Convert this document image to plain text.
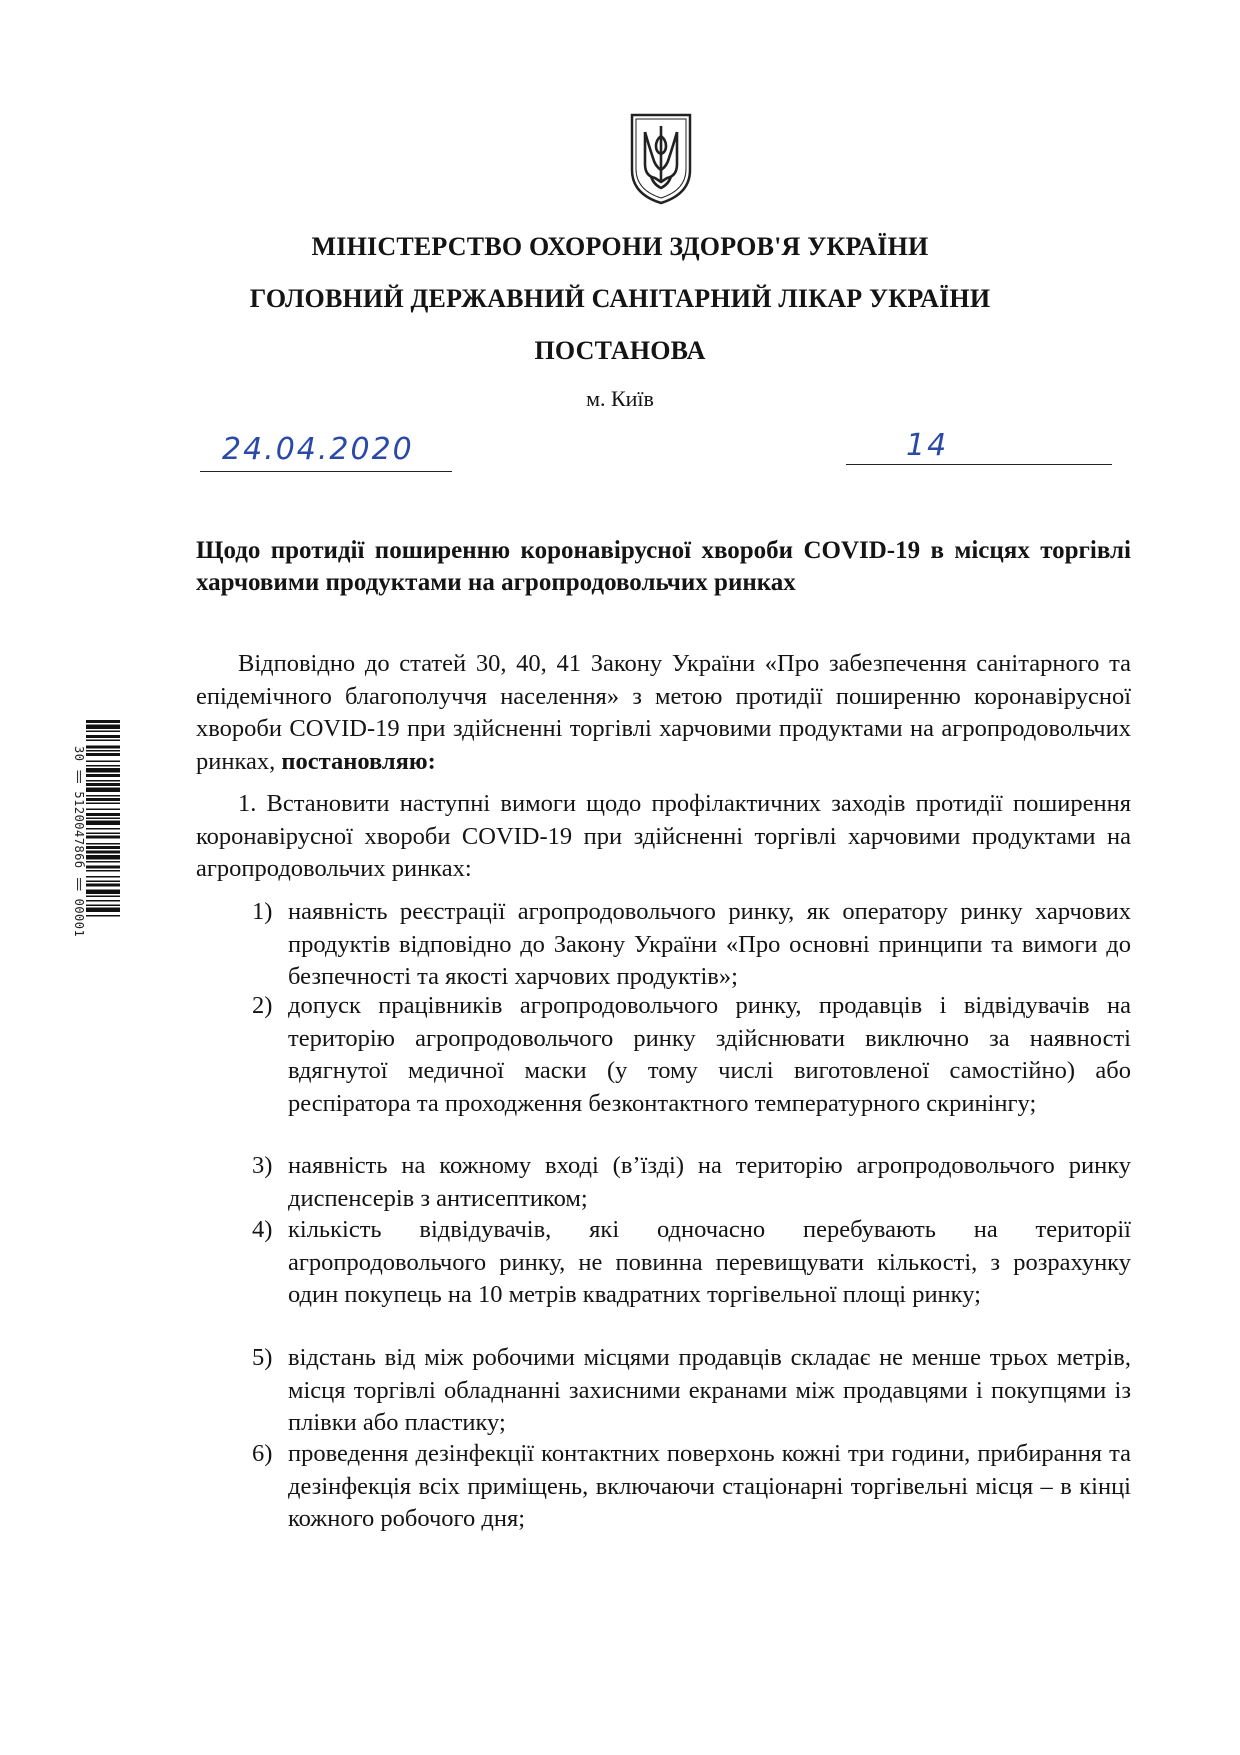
МІНІСТЕРСТВО ОХОРОНИ ЗДОРОВ'Я УКРАЇНИ
ГОЛОВНИЙ ДЕРЖАВНИЙ САНІТАРНИЙ ЛІКАР УКРАЇНИ
ПОСТАНОВА
м. Київ
24.04.2020	14
Щодо протидії поширенню коронавірусної хвороби COVID-19 в місцях торгівлі харчовими продуктами на агропродовольчих ринках
Відповідно до статей 30, 40, 41 Закону України «Про забезпечення санітарного та епідемічного благополуччя населення» з метою протидії поширенню коронавірусної хвороби COVID-19 при здійсненні торгівлі харчовими продуктами на агропродовольчих ринках, постановляю:
1. Встановити наступні вимоги щодо профілактичних заходів протидії поширення коронавірусної хвороби COVID-19 при здійсненні торгівлі харчовими продуктами на агропродовольчих ринках:
1) наявність реєстрації агропродовольчого ринку, як оператору ринку харчових продуктів відповідно до Закону України «Про основні принципи та вимоги до безпечності та якості харчових продуктів»;
2) допуск працівників агропродовольчого ринку, продавців і відвідувачів на територію агропродовольчого ринку здійснювати виключно за наявності вдягнутої медичної маски (у тому числі виготовленої самостійно) або респіратора та проходження безконтактного температурного скринінгу;
3) наявність на кожному вході (в’їзді) на територію агропродовольчого ринку диспенсерів з антисептиком;
4) кількість відвідувачів, які одночасно перебувають на території агропродовольчого ринку, не повинна перевищувати кількості, з розрахунку один покупець на 10 метрів квадратних торгівельної площі ринку;
5) відстань від між робочими місцями продавців складає не менше трьох метрів, місця торгівлі обладнанні захисними екранами між продавцями і покупцями із плівки або пластику;
6) проведення дезінфекції контактних поверхонь кожні три години, прибирання та дезінфекція всіх приміщень, включаючи стаціонарні торгівельні місця – в кінці кожного робочого дня;
30 ‖ 512004786б ‖ 00001
